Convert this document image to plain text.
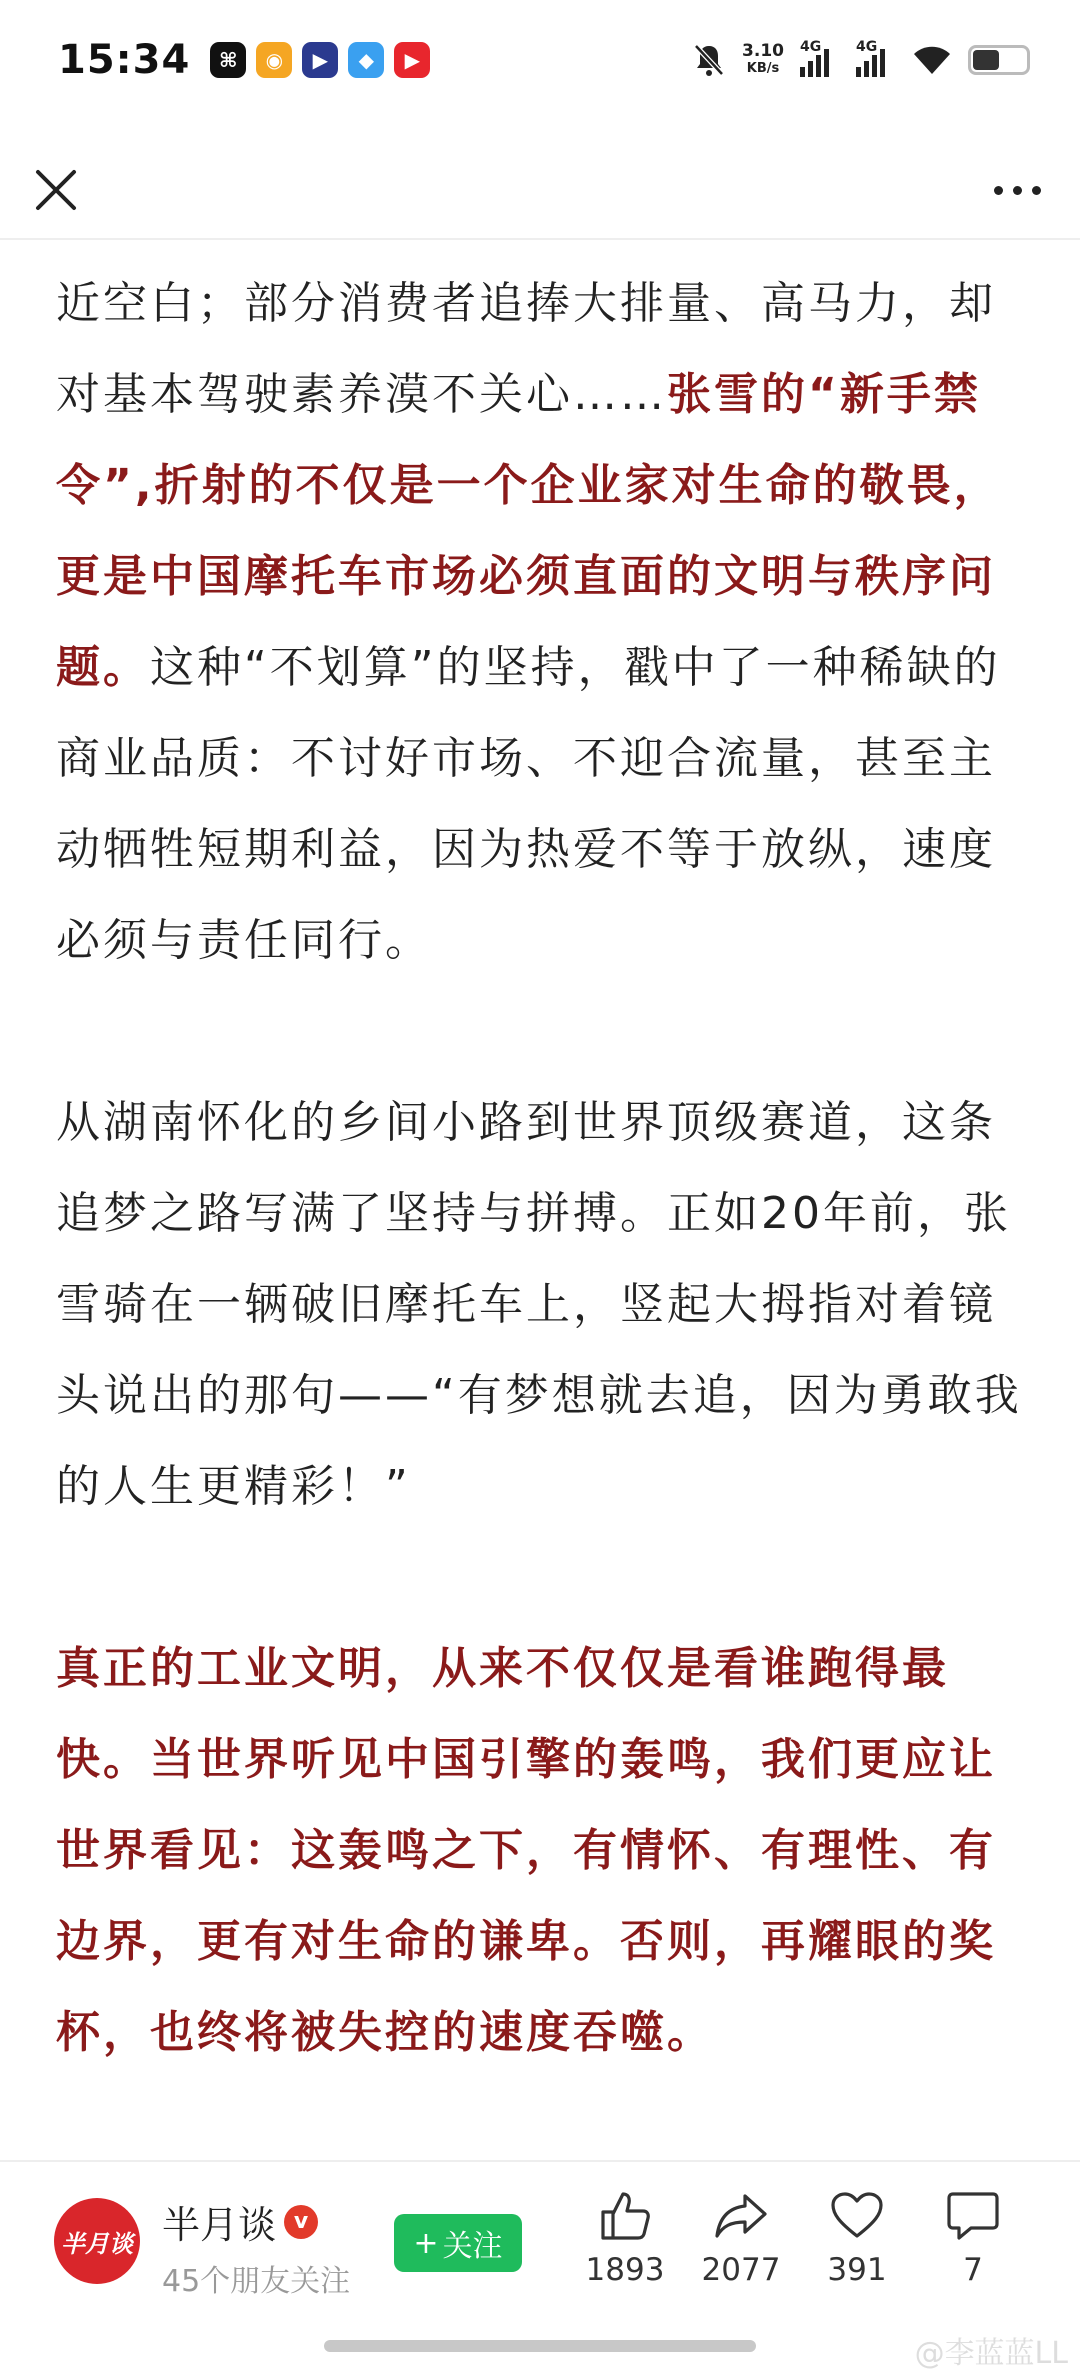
15:34	⌘	◉	▶	◆	▶	3.10
KB/s
4G 4G

近空白；部分消费者追捧大排量、高马力，却对基本驾驶素养漠不关心……张雪的“新手禁令”,折射的不仅是一个企业家对生命的敬畏，更是中国摩托车市场必须直面的文明与秩序问题。这种“不划算”的坚持，戳中了一种稀缺的商业品质：不讨好市场、不迎合流量，甚至主动牺牲短期利益，因为热爱不等于放纵，速度必须与责任同行。

从湖南怀化的乡间小路到世界顶级赛道，这条追梦之路写满了坚持与拼搏。正如20年前，张雪骑在一辆破旧摩托车上，竖起大拇指对着镜头说出的那句——“有梦想就去追，因为勇敢我的人生更精彩！”

真正的工业文明，从来不仅仅是看谁跑得最快。当世界听见中国引擎的轰鸣，我们更应让世界看见：这轰鸣之下，有情怀、有理性、有边界，更有对生命的谦卑。否则，再耀眼的奖杯，也终将被失控的速度吞噬。

半月谈 半月谈 v
45个朋友关注
+ 关注
1893	2077	391	7
@李蓝蓝LL
